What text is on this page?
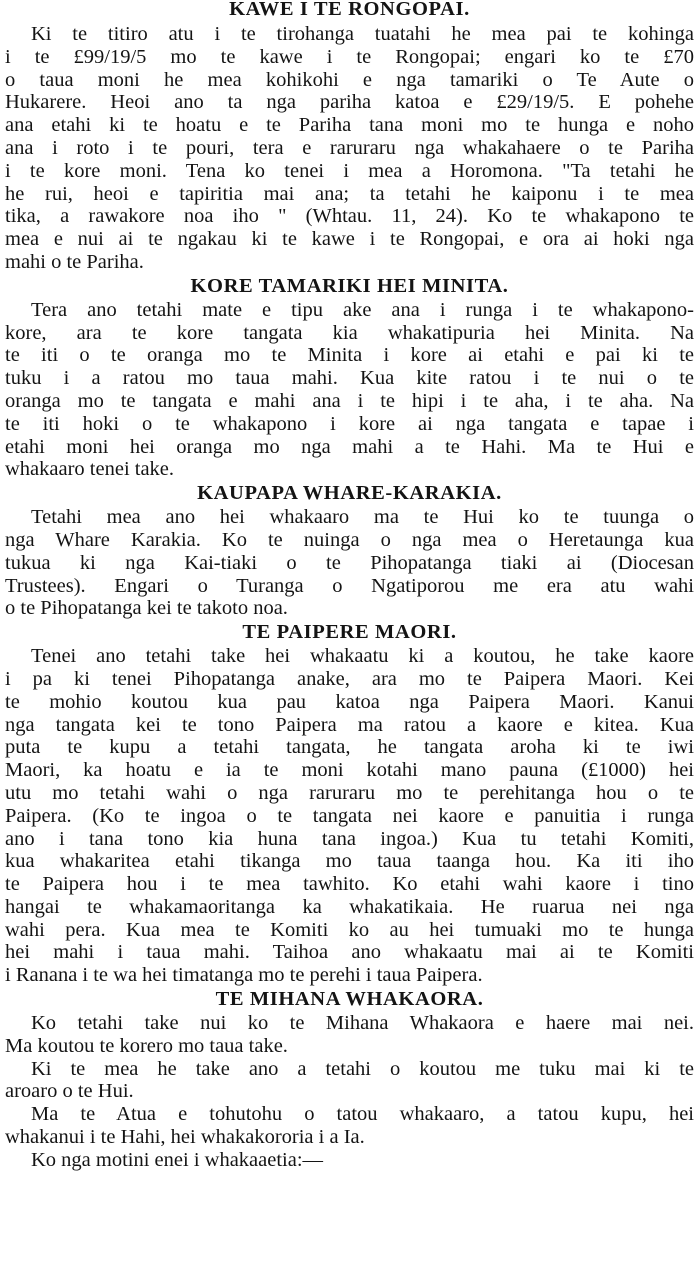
KAWE I TE RONGOPAI.
Ki te titiro atu i te tirohanga tuatahi he mea pai te kohinga
i te £99/19/5 mo te kawe i te Rongopai; engari ko te £70
o taua moni he mea kohikohi e nga tamariki o Te Aute o
Hukarere. Heoi ano ta nga pariha katoa e £29/19/5. E pohehe
ana etahi ki te hoatu e te Pariha tana moni mo te hunga e noho
ana i roto i te pouri, tera e raruraru nga whakahaere o te Pariha
i te kore moni. Tena ko tenei i mea a Horomona. "Ta tetahi he
he rui, heoi e tapiritia mai ana; ta tetahi he kaiponu i te mea
tika, a rawakore noa iho " (Whtau. 11, 24). Ko te whakapono te
mea e nui ai te ngakau ki te kawe i te Rongopai, e ora ai hoki nga
mahi o te Pariha.
KORE TAMARIKI HEI MINITA.
Tera ano tetahi mate e tipu ake ana i runga i te whakapono-
kore, ara te kore tangata kia whakatipuria hei Minita. Na
te iti o te oranga mo te Minita i kore ai etahi e pai ki te
tuku i a ratou mo taua mahi. Kua kite ratou i te nui o te
oranga mo te tangata e mahi ana i te hipi i te aha, i te aha. Na
te iti hoki o te whakapono i kore ai nga tangata e tapae i
etahi moni hei oranga mo nga mahi a te Hahi. Ma te Hui e
whakaaro tenei take.
KAUPAPA WHARE-KARAKIA.
Tetahi mea ano hei whakaaro ma te Hui ko te tuunga o
nga Whare Karakia. Ko te nuinga o nga mea o Heretaunga kua
tukua ki nga Kai-tiaki o te Pihopatanga tiaki ai (Diocesan
Trustees). Engari o Turanga o Ngatiporou me era atu wahi
o te Pihopatanga kei te takoto noa.
TE PAIPERE MAORI.
Tenei ano tetahi take hei whakaatu ki a koutou, he take kaore
i pa ki tenei Pihopatanga anake, ara mo te Paipera Maori. Kei
te mohio koutou kua pau katoa nga Paipera Maori. Kanui
nga tangata kei te tono Paipera ma ratou a kaore e kitea. Kua
puta te kupu a tetahi tangata, he tangata aroha ki te iwi
Maori, ka hoatu e ia te moni kotahi mano pauna (£1000) hei
utu mo tetahi wahi o nga raruraru mo te perehitanga hou o te
Paipera. (Ko te ingoa o te tangata nei kaore e panuitia i runga
ano i tana tono kia huna tana ingoa.) Kua tu tetahi Komiti,
kua whakaritea etahi tikanga mo taua taanga hou. Ka iti iho
te Paipera hou i te mea tawhito. Ko etahi wahi kaore i tino
hangai te whakamaoritanga ka whakatikaia. He ruarua nei nga
wahi pera. Kua mea te Komiti ko au hei tumuaki mo te hunga
hei mahi i taua mahi. Taihoa ano whakaatu mai ai te Komiti
i Ranana i te wa hei timatanga mo te perehi i taua Paipera.
TE MIHANA WHAKAORA.
Ko tetahi take nui ko te Mihana Whakaora e haere mai nei.
Ma koutou te korero mo taua take.
Ki te mea he take ano a tetahi o koutou me tuku mai ki te
aroaro o te Hui.
Ma te Atua e tohutohu o tatou whakaaro, a tatou kupu, hei
whakanui i te Hahi, hei whakakororia i a Ia.
Ko nga motini enei i whakaaetia:—
